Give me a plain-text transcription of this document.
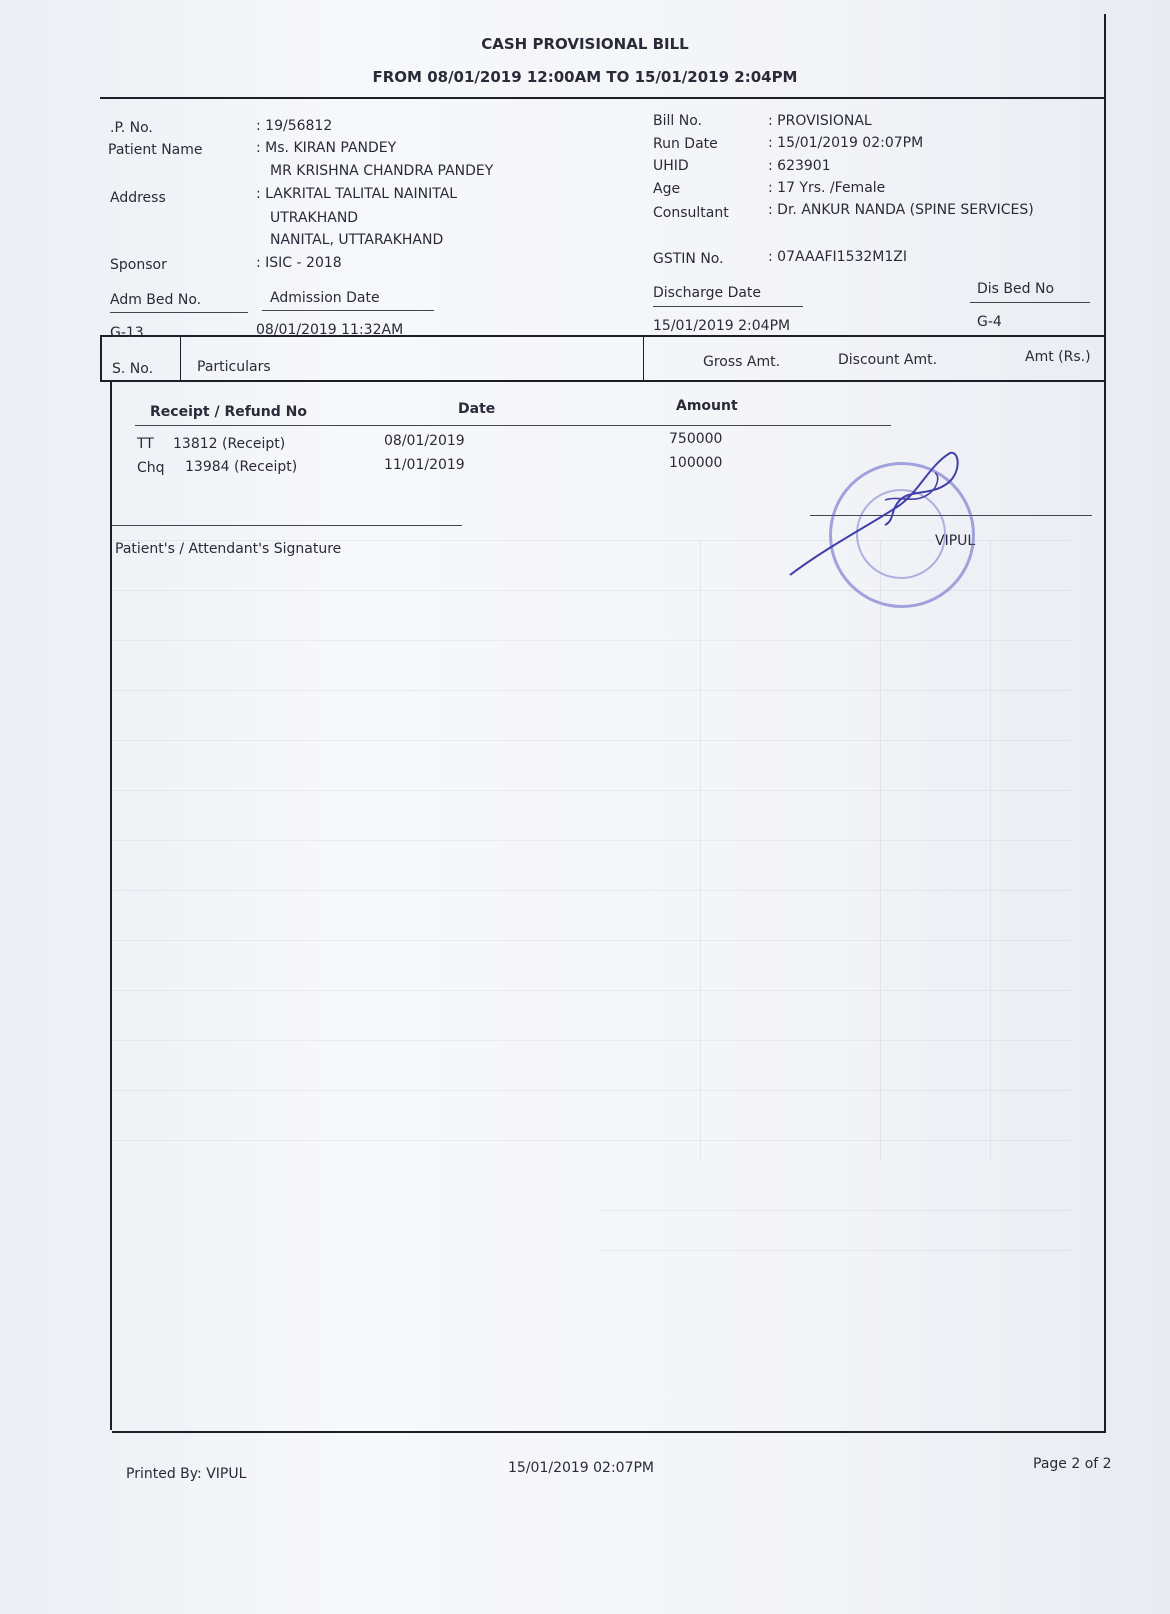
CASH PROVISIONAL BILL
FROM 08/01/2019 12:00AM TO 15/01/2019 2:04PM
.P. No.	: 19/56812
Patient Name	: Ms. KIRAN PANDEY
MR KRISHNA CHANDRA PANDEY
Address	: LAKRITAL TALITAL NAINITAL
UTRAKHAND
NANITAL, UTTARAKHAND
Sponsor	: ISIC - 2018
Bill No.	: PROVISIONAL
Run Date	: 15/01/2019 02:07PM
UHID	: 623901
Age	: 17 Yrs. /Female
Consultant	: Dr. ANKUR NANDA (SPINE SERVICES)
GSTIN No.	: 07AAAFI1532M1ZI
Adm Bed No.
G-13
Admission Date
08/01/2019 11:32AM
Discharge Date
15/01/2019 2:04PM
Dis Bed No
G-4
S. No.	Particulars	Gross Amt.	Discount Amt.	Amt (Rs.)
Receipt / Refund No	Date	Amount
TT 13812 (Receipt)	08/01/2019	750000
Chq 13984 (Receipt)	11/01/2019	100000
Patient's / Attendant's Signature	VIPUL
Printed By: VIPUL	15/01/2019 02:07PM	Page 2 of 2
